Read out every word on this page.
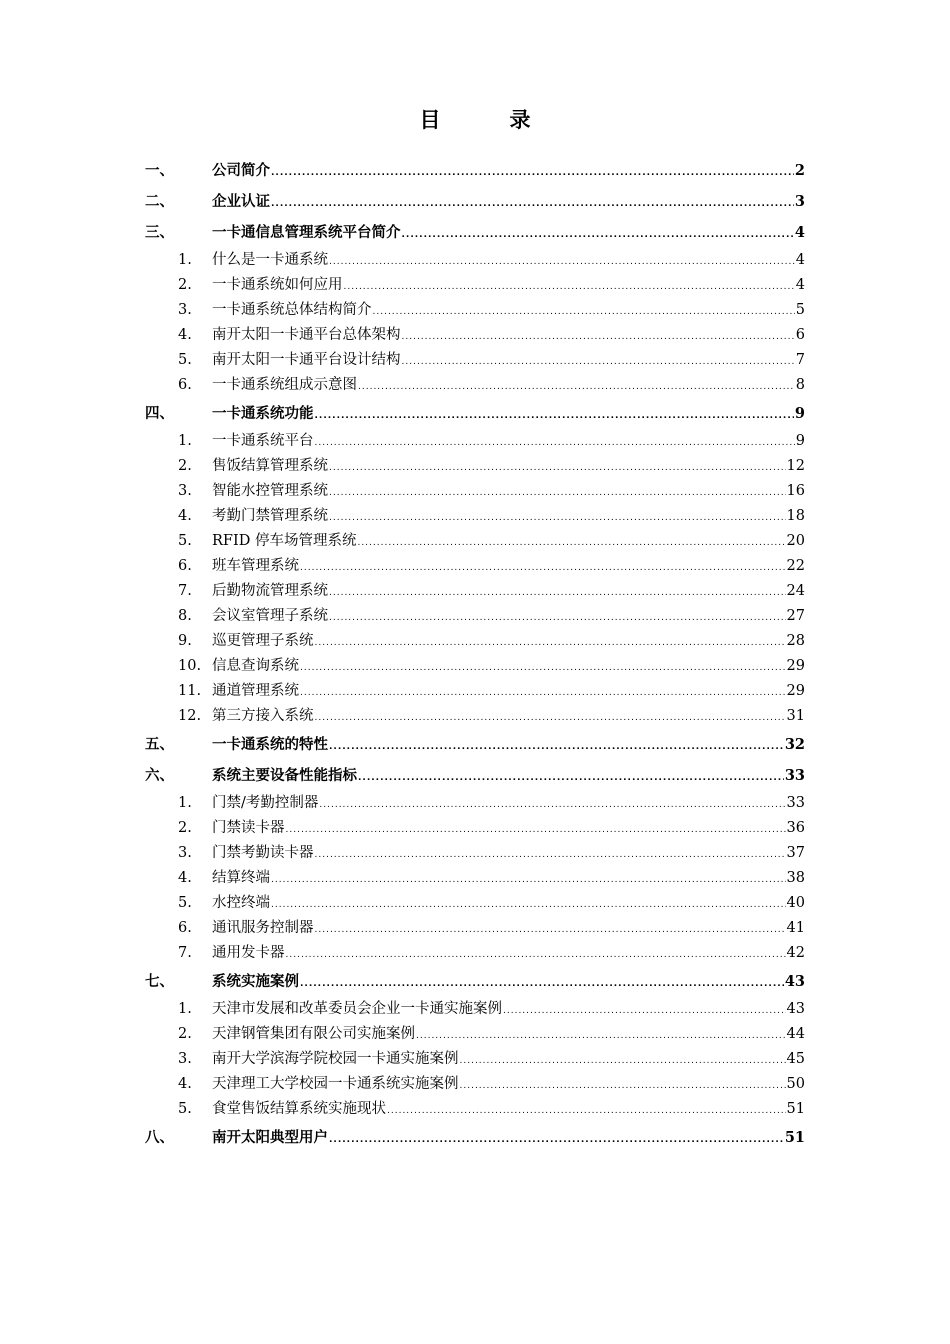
目　录
一、	公司简介 .....	2
二、	企业认证 .....	3
三、	一卡通信息管理系统平台简介 .....	4
1.	什么是一卡通系统 .....	4
2.	一卡通系统如何应用 .....	4
3.	一卡通系统总体结构简介 .....	5
4.	南开太阳一卡通平台总体架构 .....	6
5.	南开太阳一卡通平台设计结构 .....	7
6.	一卡通系统组成示意图 .....	8
四、	一卡通系统功能 .....	9
1.	一卡通系统平台 .....	9
2.	售饭结算管理系统 .....	12
3.	智能水控管理系统 .....	16
4.	考勤门禁管理系统 .....	18
5.	RFID 停车场管理系统 .....	20
6.	班车管理系统 .....	22
7.	后勤物流管理系统 .....	24
8.	会议室管理子系统 .....	27
9.	巡更管理子系统 .....	28
10. 信息查询系统 .....	29
11. 通道管理系统 .....	29
12. 第三方接入系统 .....	31
五、	一卡通系统的特性 .....	32
六、	系统主要设备性能指标 .....	33
1.	门禁/考勤控制器 .....	33
2.	门禁读卡器 .....	36
3.	门禁考勤读卡器 .....	37
4.	结算终端 .....	38
5.	水控终端 .....	40
6.	通讯服务控制器 .....	41
7.	通用发卡器 .....	42
七、	系统实施案例 .....	43
1.	天津市发展和改革委员会企业一卡通实施案例 .....	43
2.	天津钢管集团有限公司实施案例 .....	44
3.	南开大学滨海学院校园一卡通实施案例 .....	45
4.	天津理工大学校园一卡通系统实施案例 .....	50
5.	食堂售饭结算系统实施现状 .....	51
八、	南开太阳典型用户 .....	51
